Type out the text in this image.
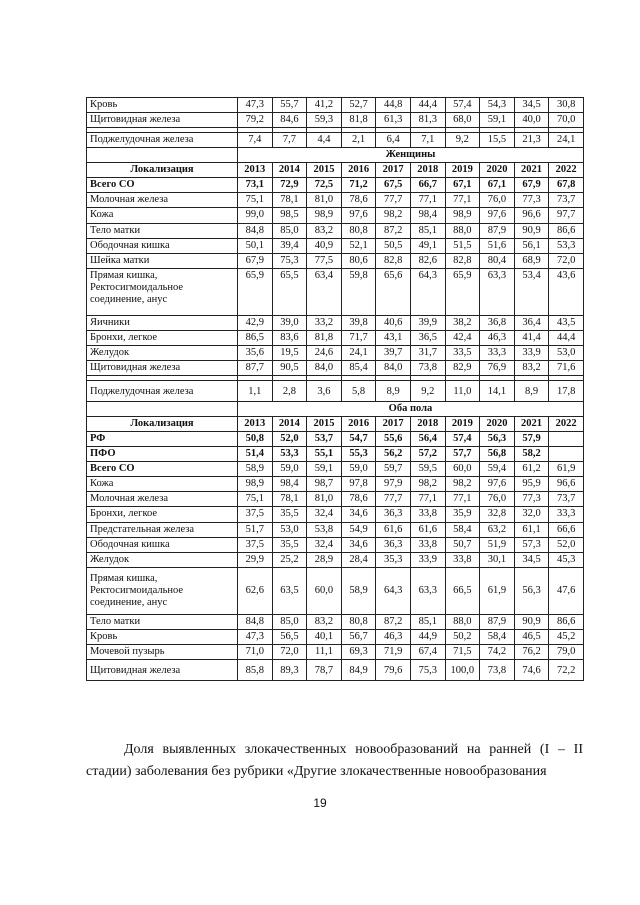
Кровь	47,3	55,7	41,2	52,7	44,8	44,4	57,4	54,3	34,5	30,8
Щитовидная железа	79,2	84,6	59,3	81,8	61,3	81,3	68,0	59,1	40,0	70,0

Поджелудочная железа	7,4	7,7	4,4	2,1	6,4	7,1	9,2	15,5	21,3	24,1
	Женщины									
Локализация	2013	2014	2015	2016	2017	2018	2019	2020	2021	2022
Всего СО	73,1	72,9	72,5	71,2	67,5	66,7	67,1	67,1	67,9	67,8
Молочная железа	75,1	78,1	81,0	78,6	77,7	77,1	77,1	76,0	77,3	73,7
Кожа	99,0	98,5	98,9	97,6	98,2	98,4	98,9	97,6	96,6	97,7
Тело матки	84,8	85,0	83,2	80,8	87,2	85,1	88,0	87,9	90,9	86,6
Ободочная кишка	50,1	39,4	40,9	52,1	50,5	49,1	51,5	51,6	56,1	53,3
Шейка матки	67,9	75,3	77,5	80,6	82,8	82,6	82,8	80,4	68,9	72,0
Прямая кишка, Ректосигмоидальное соединение, анус	65,9	65,5	63,4	59,8	65,6	64,3	65,9	63,3	53,4	43,6
Яичники	42,9	39,0	33,2	39,8	40,6	39,9	38,2	36,8	36,4	43,5
Бронхи, легкое	86,5	83,6	81,8	71,7	43,1	36,5	42,4	46,3	41,4	44,4
Желудок	35,6	19,5	24,6	24,1	39,7	31,7	33,5	33,3	33,9	53,0
Щитовидная железа	87,7	90,5	84,0	85,4	84,0	73,8	82,9	76,9	83,2	71,6

Поджелудочная железа	1,1	2,8	3,6	5,8	8,9	9,2	11,0	14,1	8,9	17,8
	Оба пола									
Локализация	2013	2014	2015	2016	2017	2018	2019	2020	2021	2022
РФ	50,8	52,0	53,7	54,7	55,6	56,4	57,4	56,3	57,9	
ПФО	51,4	53,3	55,1	55,3	56,2	57,2	57,7	56,8	58,2	
Всего СО	58,9	59,0	59,1	59,0	59,7	59,5	60,0	59,4	61,2	61,9
Кожа	98,9	98,4	98,7	97,8	97,9	98,2	98,2	97,6	95,9	96,6
Молочная железа	75,1	78,1	81,0	78,6	77,7	77,1	77,1	76,0	77,3	73,7
Бронхи, легкое	37,5	35,5	32,4	34,6	36,3	33,8	35,9	32,8	32,0	33,3
Предстательная железа	51,7	53,0	53,8	54,9	61,6	61,6	58,4	63,2	61,1	66,6
Ободочная кишка	37,5	35,5	32,4	34,6	36,3	33,8	50,7	51,9	57,3	52,0
Желудок	29,9	25,2	28,9	28,4	35,3	33,9	33,8	30,1	34,5	45,3
Прямая кишка, Ректосигмоидальное соединение, анус	62,6	63,5	60,0	58,9	64,3	63,3	66,5	61,9	56,3	47,6
Тело матки	84,8	85,0	83,2	80,8	87,2	85,1	88,0	87,9	90,9	86,6
Кровь	47,3	56,5	40,1	56,7	46,3	44,9	50,2	58,4	46,5	45,2
Мочевой пузырь	71,0	72,0	11,1	69,3	71,9	67,4	71,5	74,2	76,2	79,0
Щитовидная железа	85,8	89,3	78,7	84,9	79,6	75,3	100,0	73,8	74,6	72,2

Доля выявленных злокачественных новообразований на ранней (I – II стадии) заболевания без рубрики «Другие злокачественные новообразования

19
